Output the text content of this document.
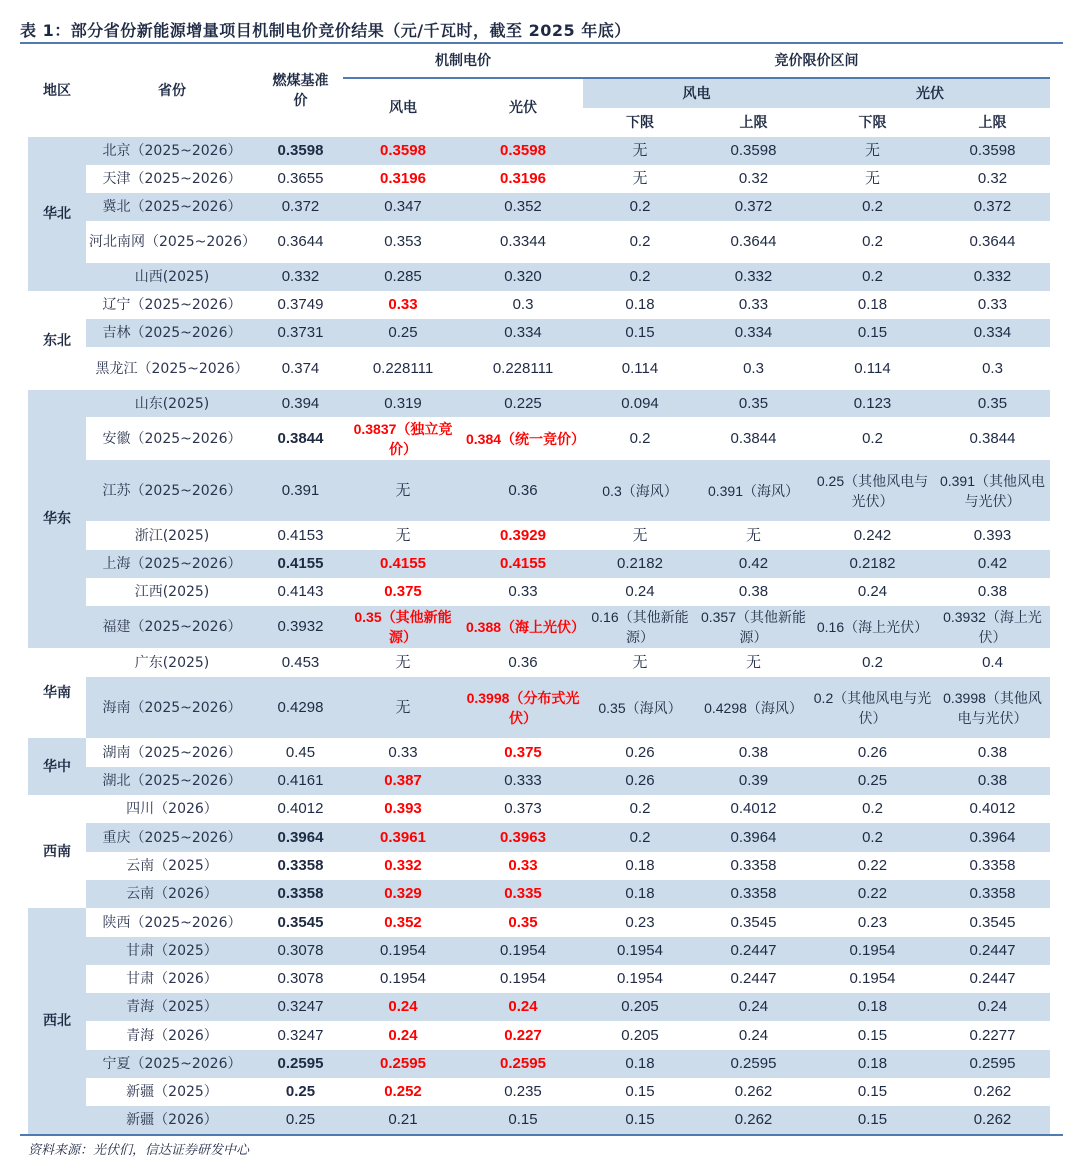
表 1：部分省份新能源增量项目机制电价竞价结果（元/千瓦时，截至 2025 年底）
地区	省份	燃煤基准价	机制电价		竞价限价区间			
			风电	光伏	风电		光伏	
					下限	上限	下限	上限
华北	北京（2025~2026）	0.3598	0.3598	0.3598	无	0.3598	无	0.3598
	天津（2025~2026）	0.3655	0.3196	0.3196	无	0.32	无	0.32
	冀北（2025~2026）	0.372	0.347	0.352	0.2	0.372	0.2	0.372
	河北南网（2025~2026）	0.3644	0.353	0.3344	0.2	0.3644	0.2	0.3644
	山西(2025)	0.332	0.285	0.320	0.2	0.332	0.2	0.332
东北	辽宁（2025~2026）	0.3749	0.33	0.3	0.18	0.33	0.18	0.33
	吉林（2025~2026）	0.3731	0.25	0.334	0.15	0.334	0.15	0.334
	黑龙江（2025~2026）	0.374	0.228111	0.228111	0.114	0.3	0.114	0.3
华东	山东(2025)	0.394	0.319	0.225	0.094	0.35	0.123	0.35
	安徽（2025~2026）	0.3844	0.3837（独立竞价）	0.384（统一竞价）	0.2	0.3844	0.2	0.3844
	江苏（2025~2026）	0.391	无	0.36	0.3（海风）	0.391（海风）	0.25（其他风电与光伏）	0.391（其他风电与光伏）
	浙江(2025)	0.4153	无	0.3929	无	无	0.242	0.393
	上海（2025~2026）	0.4155	0.4155	0.4155	0.2182	0.42	0.2182	0.42
	江西(2025)	0.4143	0.375	0.33	0.24	0.38	0.24	0.38
	福建（2025~2026）	0.3932	0.35（其他新能源）	0.388（海上光伏）	0.16（其他新能源）	0.357（其他新能源）	0.16（海上光伏）	0.3932（海上光伏）
华南	广东(2025)	0.453	无	0.36	无	无	0.2	0.4
	海南（2025~2026）	0.4298	无	0.3998（分布式光伏）	0.35（海风）	0.4298（海风）	0.2（其他风电与光伏）	0.3998（其他风电与光伏）
华中	湖南（2025~2026）	0.45	0.33	0.375	0.26	0.38	0.26	0.38
	湖北（2025~2026）	0.4161	0.387	0.333	0.26	0.39	0.25	0.38
西南	四川（2026）	0.4012	0.393	0.373	0.2	0.4012	0.2	0.4012
	重庆（2025~2026）	0.3964	0.3961	0.3963	0.2	0.3964	0.2	0.3964
	云南（2025）	0.3358	0.332	0.33	0.18	0.3358	0.22	0.3358
	云南（2026）	0.3358	0.329	0.335	0.18	0.3358	0.22	0.3358
西北	陕西（2025~2026）	0.3545	0.352	0.35	0.23	0.3545	0.23	0.3545
	甘肃（2025）	0.3078	0.1954	0.1954	0.1954	0.2447	0.1954	0.2447
	甘肃（2026）	0.3078	0.1954	0.1954	0.1954	0.2447	0.1954	0.2447
	青海（2025）	0.3247	0.24	0.24	0.205	0.24	0.18	0.24
	青海（2026）	0.3247	0.24	0.227	0.205	0.24	0.15	0.2277
	宁夏（2025~2026）	0.2595	0.2595	0.2595	0.18	0.2595	0.18	0.2595
	新疆（2025）	0.25	0.252	0.235	0.15	0.262	0.15	0.262
	新疆（2026）	0.25	0.21	0.15	0.15	0.262	0.15	0.262
资料来源：光伏们，信达证券研发中心
